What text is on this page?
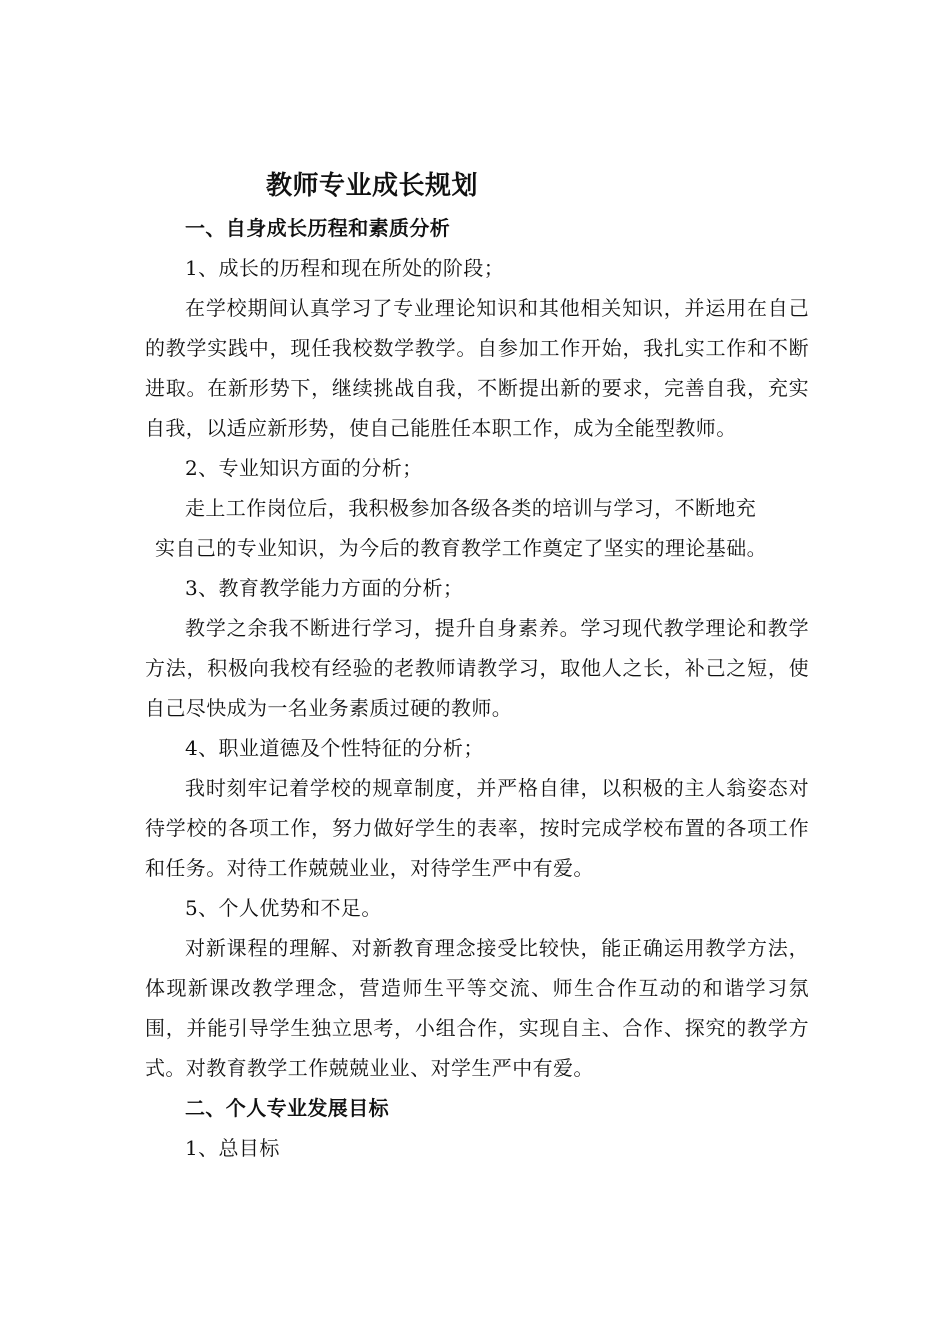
教师专业成长规划

一、自身成长历程和素质分析

1、成长的历程和现在所处的阶段；

在学校期间认真学习了专业理论知识和其他相关知识，并运用在自己的教学实践中，现任我校数学教学。自参加工作开始，我扎实工作和不断进取。在新形势下，继续挑战自我，不断提出新的要求，完善自我，充实自我，以适应新形势，使自己能胜任本职工作，成为全能型教师。

2、专业知识方面的分析；

走上工作岗位后，我积极参加各级各类的培训与学习，不断地充

实自己的专业知识，为今后的教育教学工作奠定了坚实的理论基础。

3、教育教学能力方面的分析；

教学之余我不断进行学习，提升自身素养。学习现代教学理论和教学方法，积极向我校有经验的老教师请教学习，取他人之长，补己之短，使自己尽快成为一名业务素质过硬的教师。

4、职业道德及个性特征的分析；

我时刻牢记着学校的规章制度，并严格自律，以积极的主人翁姿态对待学校的各项工作，努力做好学生的表率，按时完成学校布置的各项工作和任务。对待工作兢兢业业，对待学生严中有爱。

5、个人优势和不足。

对新课程的理解、对新教育理念接受比较快，能正确运用教学方法，体现新课改教学理念，营造师生平等交流、师生合作互动的和谐学习氛围，并能引导学生独立思考，小组合作，实现自主、合作、探究的教学方式。对教育教学工作兢兢业业、对学生严中有爱。

二、个人专业发展目标

1、总目标
